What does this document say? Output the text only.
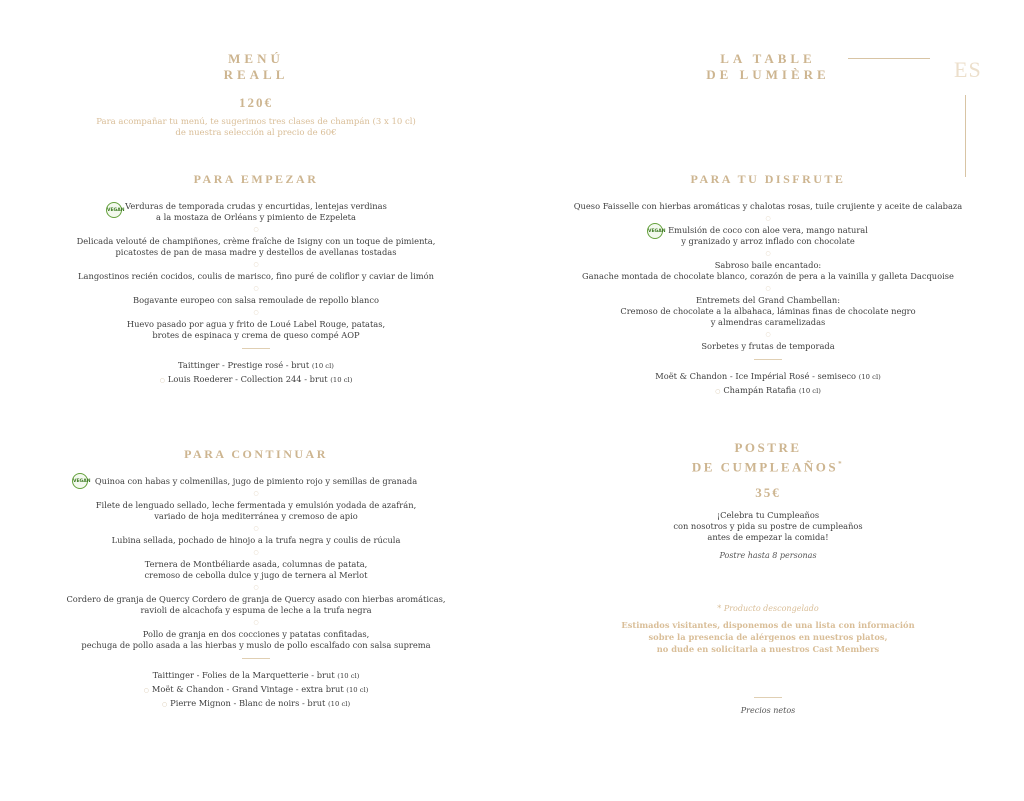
ES
MENÚ
REALL
120€
Para acompañar tu menú, te sugerimos tres clases de champán (3 x 10 cl)
de nuestra selección al precio de 60€
LA TABLE
DE LUMIÈRE
PARA EMPEZAR
VEGAN Verduras de temporada crudas y encurtidas, lentejas verdinas
a la mostaza de Orléans y pimiento de Ezpeleta
○
Delicada velouté de champiñones, crème fraîche de Isigny con un toque de pimienta,
picatostes de pan de masa madre y destellos de avellanas tostadas
○
Langostinos recién cocidos, coulis de marisco, fino puré de coliflor y caviar de limón
○
Bogavante europeo con salsa remoulade de repollo blanco
○
Huevo pasado por agua y frito de Loué Label Rouge, patatas,
brotes de espinaca y crema de queso compé AOP
Taittinger - Prestige rosé - brut (10 cl)
○ Louis Roederer - Collection 244 - brut (10 cl)
PARA CONTINUAR
VEGAN Quinoa con habas y colmenillas, jugo de pimiento rojo y semillas de granada
○
Filete de lenguado sellado, leche fermentada y emulsión yodada de azafrán,
variado de hoja mediterránea y cremoso de apio
○
Lubina sellada, pochado de hinojo a la trufa negra y coulis de rúcula
○
Ternera de Montbéliarde asada, columnas de patata,
cremoso de cebolla dulce y jugo de ternera al Merlot
○
Cordero de granja de Quercy Cordero de granja de Quercy asado con hierbas aromáticas,
ravioli de alcachofa y espuma de leche a la trufa negra
○
Pollo de granja en dos cocciones y patatas confitadas,
pechuga de pollo asada a las hierbas y muslo de pollo escalfado con salsa suprema
Taittinger - Folies de la Marquetterie - brut (10 cl)
○ Moët & Chandon - Grand Vintage - extra brut (10 cl)
○ Pierre Mignon - Blanc de noirs - brut (10 cl)
PARA TU DISFRUTE
Queso Faisselle con hierbas aromáticas y chalotas rosas, tuile crujiente y aceite de calabaza
○
VEGAN Emulsión de coco con aloe vera, mango natural
y granizado y arroz inflado con chocolate
○
Sabroso baile encantado:
Ganache montada de chocolate blanco, corazón de pera a la vainilla y galleta Dacquoise
○
Entremets del Grand Chambellan:
Cremoso de chocolate a la albahaca, láminas finas de chocolate negro
y almendras caramelizadas
○
Sorbetes y frutas de temporada
Moët & Chandon - Ice Impérial Rosé - semiseco (10 cl)
○ Champán Ratafia (10 cl)
POSTRE
DE CUMPLEAÑOS*
35€
¡Celebra tu Cumpleaños
con nosotros y pida su postre de cumpleaños
antes de empezar la comida!
Postre hasta 8 personas
* Producto descongelado
Estimados visitantes, disponemos de una lista con información
sobre la presencia de alérgenos en nuestros platos,
no dude en solicitarla a nuestros Cast Members
Precios netos
